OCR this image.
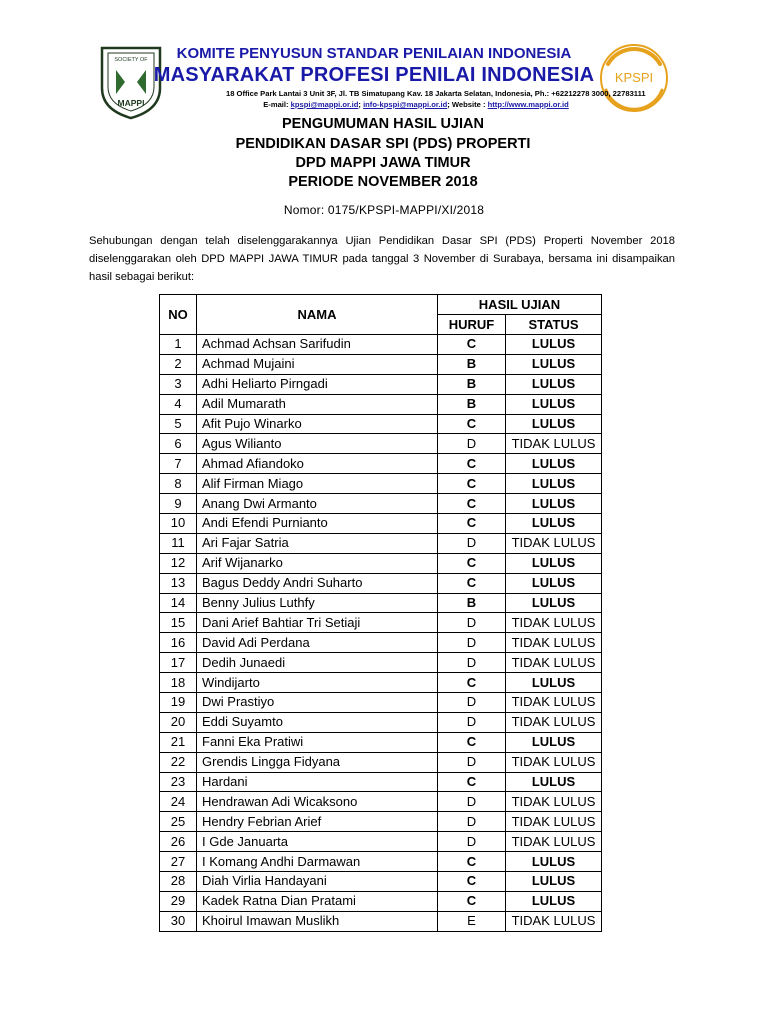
SOCIETY OF
MAPPI
KPSPI
KOMITE PENYUSUN STANDAR PENILAIAN INDONESIA
MASYARAKAT PROFESI PENILAI INDONESIA
18 Office Park Lantai 3 Unit 3F, Jl. TB Simatupang Kav. 18 Jakarta Selatan, Indonesia, Ph.: +62212278 3000, 22783111
E-mail: kpspi@mappi.or.id; info-kpspi@mappi.or.id; Website : http://www.mappi.or.id
PENGUMUMAN HASIL UJIAN
PENDIDIKAN DASAR SPI (PDS) PROPERTI
DPD MAPPI JAWA TIMUR
PERIODE NOVEMBER 2018
Nomor: 0175/KPSPI-MAPPI/XI/2018
Sehubungan dengan telah diselenggarakannya Ujian Pendidikan Dasar SPI (PDS) Properti November 2018 diselenggarakan oleh DPD MAPPI JAWA TIMUR pada tanggal 3 November di Surabaya, bersama ini disampaikan hasil sebagai berikut:
NO	NAMA	HASIL UJIAN	
		HURUF	STATUS
1	Achmad Achsan Sarifudin	C	LULUS
2	Achmad Mujaini	B	LULUS
3	Adhi Heliarto Pirngadi	B	LULUS
4	Adil Mumarath	B	LULUS
5	Afit Pujo Winarko	C	LULUS
6	Agus Wilianto	D	TIDAK LULUS
7	Ahmad Afiandoko	C	LULUS
8	Alif Firman Miago	C	LULUS
9	Anang Dwi Armanto	C	LULUS
10	Andi Efendi Purnianto	C	LULUS
11	Ari Fajar Satria	D	TIDAK LULUS
12	Arif Wijanarko	C	LULUS
13	Bagus Deddy Andri Suharto	C	LULUS
14	Benny Julius Luthfy	B	LULUS
15	Dani Arief Bahtiar Tri Setiaji	D	TIDAK LULUS
16	David Adi Perdana	D	TIDAK LULUS
17	Dedih Junaedi	D	TIDAK LULUS
18	Windijarto	C	LULUS
19	Dwi Prastiyo	D	TIDAK LULUS
20	Eddi Suyamto	D	TIDAK LULUS
21	Fanni Eka Pratiwi	C	LULUS
22	Grendis Lingga Fidyana	D	TIDAK LULUS
23	Hardani	C	LULUS
24	Hendrawan Adi Wicaksono	D	TIDAK LULUS
25	Hendry Febrian Arief	D	TIDAK LULUS
26	I Gde Januarta	D	TIDAK LULUS
27	I Komang Andhi Darmawan	C	LULUS
28	Diah Virlia Handayani	C	LULUS
29	Kadek Ratna Dian Pratami	C	LULUS
30	Khoirul Imawan Muslikh	E	TIDAK LULUS
